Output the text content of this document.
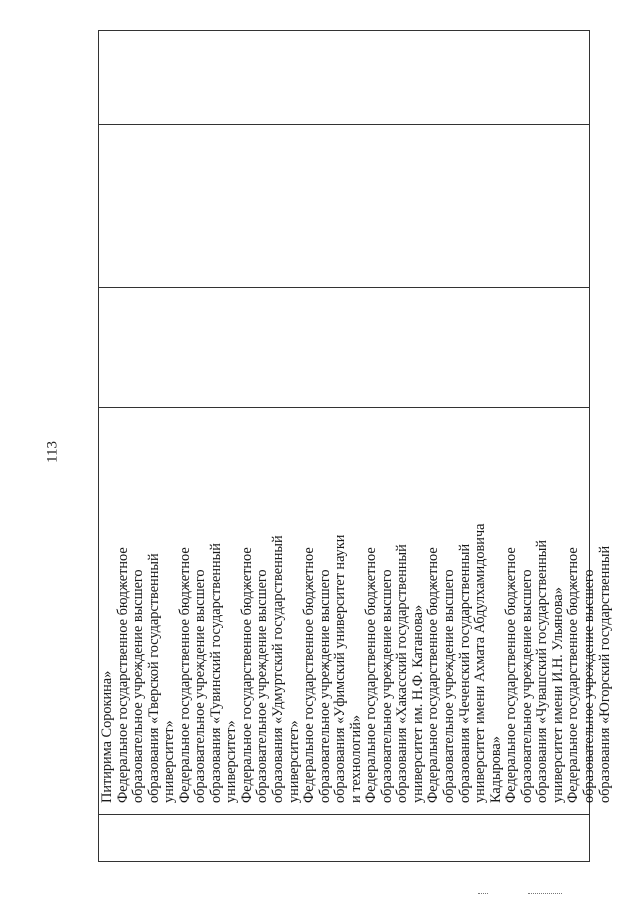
113
Питирима Сорокина» Федеральное государственное бюджетное образовательное учреждение высшего образования «Тверской государственный университет» Федеральное государственное бюджетное образовательное учреждение высшего образования «Тувинский государственный университет» Федеральное государственное бюджетное образовательное учреждение высшего образования «Удмуртский государственный университет» Федеральное государственное бюджетное образовательное учреждение высшего образования «Уфимский университет науки и технологий» Федеральное государственное бюджетное образовательное учреждение высшего образования «Хакасский государственный университет им. Н.Ф. Катанова» Федеральное государственное бюджетное образовательное учреждение высшего образования «Чеченский государственный университет имени Ахмата Абдулхамидовича Кадырова» Федеральное государственное бюджетное образовательное учреждение высшего образования «Чувашский государственный университет имени И.Н. Ульянова» Федеральное государственное бюджетное образовательное учреждение высшего образования «Югорский государственный
